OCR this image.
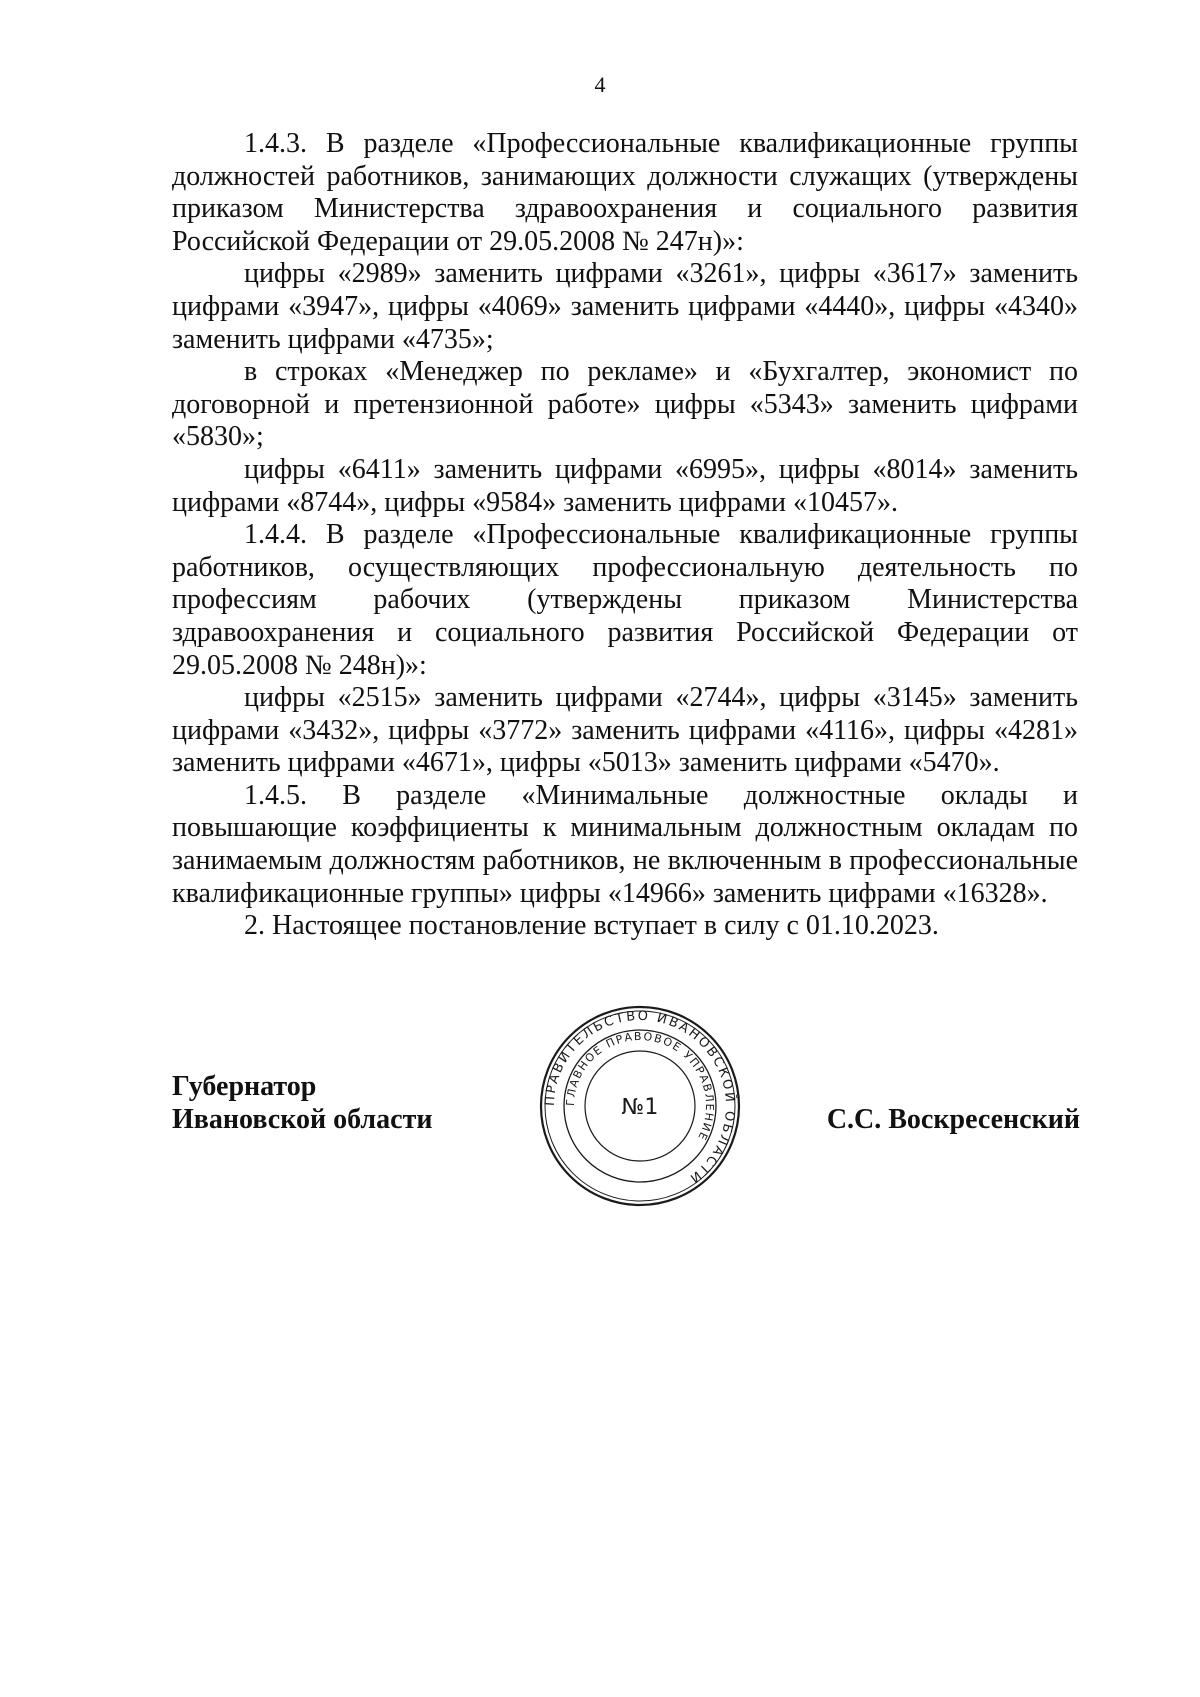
4

1.4.3. В разделе «Профессиональные квалификационные группы должностей работников, занимающих должности служащих (утверждены приказом Министерства здравоохранения и социального развития Российской Федерации от 29.05.2008 № 247н)»:

цифры «2989» заменить цифрами «3261», цифры «3617» заменить цифрами «3947», цифры «4069» заменить цифрами «4440», цифры «4340» заменить цифрами «4735»;

в строках «Менеджер по рекламе» и «Бухгалтер, экономист по договорной и претензионной работе» цифры «5343» заменить цифрами «5830»;

цифры «6411» заменить цифрами «6995», цифры «8014» заменить цифрами «8744», цифры «9584» заменить цифрами «10457».

1.4.4. В разделе «Профессиональные квалификационные группы работников, осуществляющих профессиональную деятельность по профессиям рабочих (утверждены приказом Министерства здравоохранения и социального развития Российской Федерации от 29.05.2008 № 248н)»:

цифры «2515» заменить цифрами «2744», цифры «3145» заменить цифрами «3432», цифры «3772» заменить цифрами «4116», цифры «4281» заменить цифрами «4671», цифры «5013» заменить цифрами «5470».

1.4.5. В разделе «Минимальные должностные оклады и повышающие коэффициенты к минимальным должностным окладам по занимаемым должностям работников, не включенным в профессиональные квалификационные группы» цифры «14966» заменить цифрами «16328».

2. Настоящее постановление вступает в силу с 01.10.2023.

Губернатор
Ивановской области	С.С. Воскресенский
ПРАВИТЕЛЬСТВО ИВАНОВСКОЙ ОБЛАСТИ
ГЛАВНОЕ ПРАВОВОЕ УПРАВЛЕНИЕ
№1
